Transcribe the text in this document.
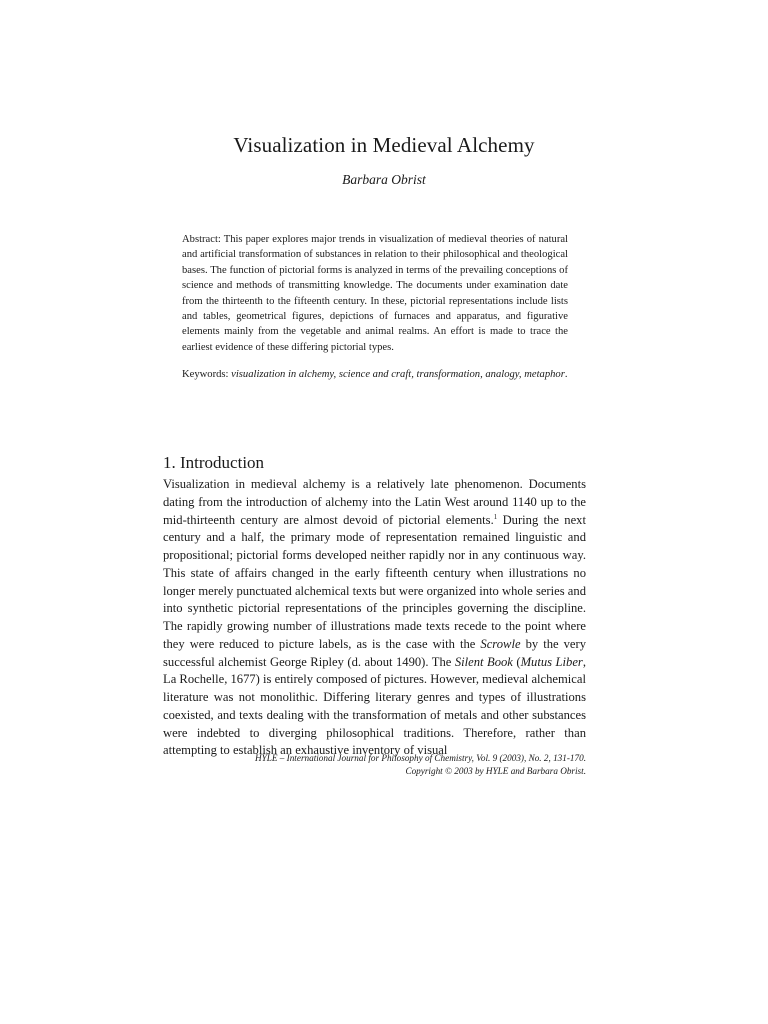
Visualization in Medieval Alchemy
Barbara Obrist

Abstract: This paper explores major trends in visualization of medieval theories of natural and artificial transformation of substances in relation to their philosophical and theological bases. The function of pictorial forms is analyzed in terms of the prevailing conceptions of science and methods of transmitting knowledge. The documents under examination date from the thirteenth to the fifteenth century. In these, pictorial representations include lists and tables, geometrical figures, depictions of furnaces and apparatus, and figurative elements mainly from the vegetable and animal realms. An effort is made to trace the earliest evidence of these differing pictorial types.

Keywords: visualization in alchemy, science and craft, transformation, analogy, metaphor.

1. Introduction

Visualization in medieval alchemy is a relatively late phenomenon. Documents dating from the introduction of alchemy into the Latin West around 1140 up to the mid-thirteenth century are almost devoid of pictorial elements.$^1$ During the next century and a half, the primary mode of representation remained linguistic and propositional; pictorial forms developed neither rapidly nor in any continuous way. This state of affairs changed in the early fifteenth century when illustrations no longer merely punctuated alchemical texts but were organized into whole series and into synthetic pictorial representations of the principles governing the discipline. The rapidly growing number of illustrations made texts recede to the point where they were reduced to picture labels, as is the case with the Scrowle by the very successful alchemist George Ripley (d. about 1490). The Silent Book (Mutus Liber, La Rochelle, 1677) is entirely composed of pictures. However, medieval alchemical literature was not monolithic. Differing literary genres and types of illustrations coexisted, and texts dealing with the transformation of metals and other substances were indebted to diverging philosophical traditions. Therefore, rather than attempting to establish an exhaustive inventory of visual

HYLE – International Journal for Philosophy of Chemistry, Vol. 9 (2003), No. 2, 131-170.
Copyright © 2003 by HYLE and Barbara Obrist.
